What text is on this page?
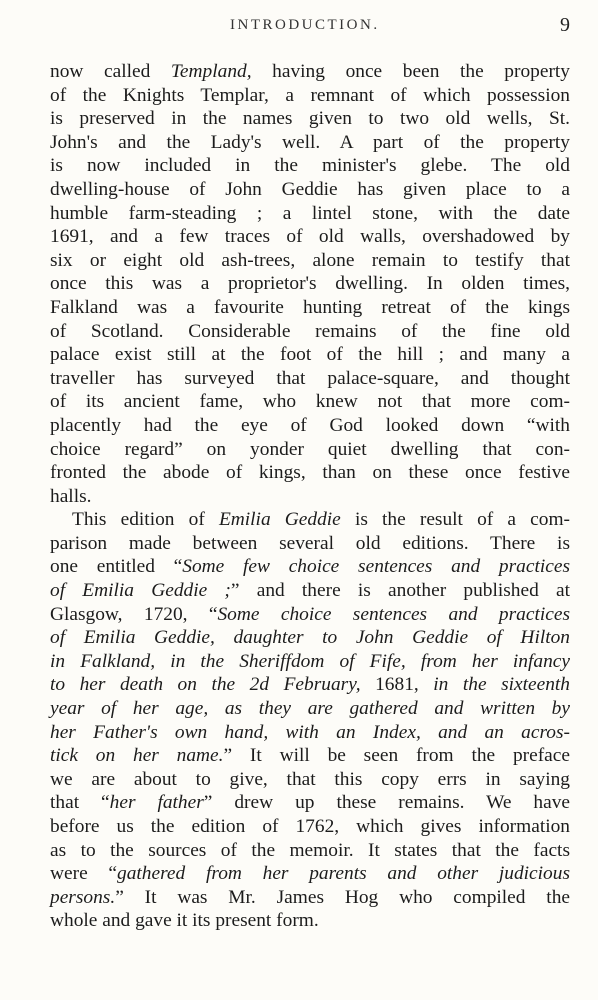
INTRODUCTION.	9
now called Templand, having once been the property
of the Knights Templar, a remnant of which possession
is preserved in the names given to two old wells, St.
John's and the Lady's well. A part of the property
is now included in the minister's glebe. The old
dwelling-house of John Geddie has given place to a
humble farm-steading ; a lintel stone, with the date
1691, and a few traces of old walls, overshadowed by
six or eight old ash-trees, alone remain to testify that
once this was a proprietor's dwelling. In olden times,
Falkland was a favourite hunting retreat of the kings
of Scotland. Considerable remains of the fine old
palace exist still at the foot of the hill ; and many a
traveller has surveyed that palace-square, and thought
of its ancient fame, who knew not that more com-
placently had the eye of God looked down “with
choice regard” on yonder quiet dwelling that con-
fronted the abode of kings, than on these once festive
halls.
This edition of Emilia Geddie is the result of a com-
parison made between several old editions. There is
one entitled “Some few choice sentences and practices
of Emilia Geddie ;” and there is another published at
Glasgow, 1720, “Some choice sentences and practices
of Emilia Geddie, daughter to John Geddie of Hilton
in Falkland, in the Sheriffdom of Fife, from her infancy
to her death on the 2d February, 1681, in the sixteenth
year of her age, as they are gathered and written by
her Father's own hand, with an Index, and an acros-
tick on her name.” It will be seen from the preface
we are about to give, that this copy errs in saying
that “her father” drew up these remains. We have
before us the edition of 1762, which gives information
as to the sources of the memoir. It states that the facts
were “gathered from her parents and other judicious
persons.” It was Mr. James Hog who compiled the
whole and gave it its present form.
